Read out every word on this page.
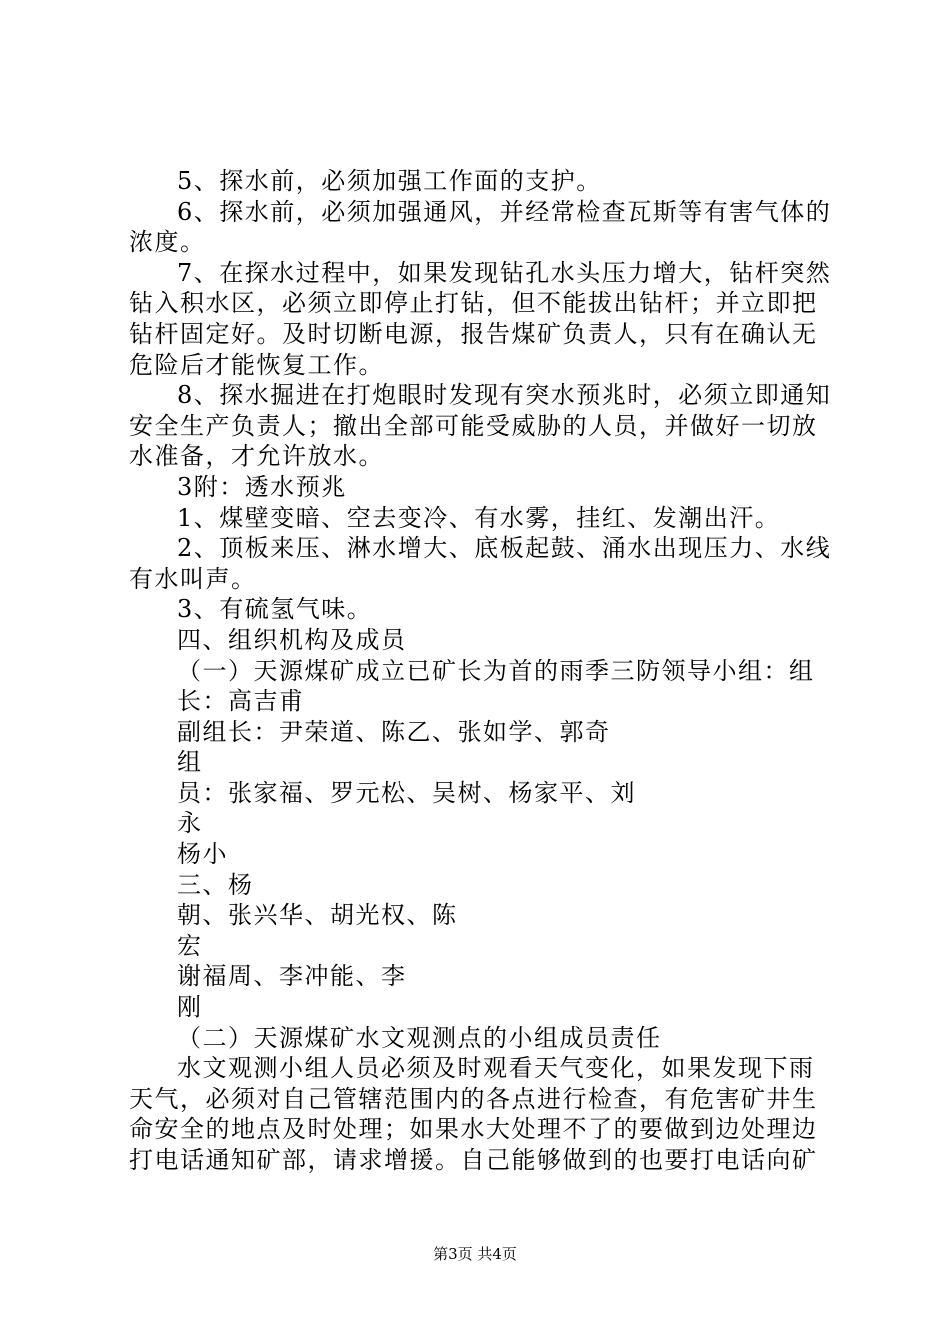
5、探水前，必须加强工作面的支护。
6、探水前，必须加强通风，并经常检查瓦斯等有害气体的
浓度。
7、在探水过程中，如果发现钻孔水头压力增大，钻杆突然
钻入积水区，必须立即停止打钻，但不能拔出钻杆；并立即把
钻杆固定好。及时切断电源，报告煤矿负责人，只有在确认无
危险后才能恢复工作。
8、探水掘进在打炮眼时发现有突水预兆时，必须立即通知
安全生产负责人；撤出全部可能受威胁的人员，并做好一切放
水准备，才允许放水。
3附：透水预兆
1、煤壁变暗、空去变冷、有水雾，挂红、发潮出汗。
2、顶板来压、淋水增大、底板起鼓、涌水出现压力、水线
有水叫声。
3、有硫氢气味。
四、组织机构及成员
（一）天源煤矿成立已矿长为首的雨季三防领导小组：组
长：高吉甫
副组长：尹荣道、陈乙、张如学、郭奇
组
员：张家福、罗元松、吴树、杨家平、刘
永
杨小
三、杨
朝、张兴华、胡光权、陈
宏
谢福周、李冲能、李
刚
（二）天源煤矿水文观测点的小组成员责任
水文观测小组人员必须及时观看天气变化，如果发现下雨
天气，必须对自己管辖范围内的各点进行检查，有危害矿井生
命安全的地点及时处理；如果水大处理不了的要做到边处理边
打电话通知矿部，请求增援。自己能够做到的也要打电话向矿
第3页 共4页
